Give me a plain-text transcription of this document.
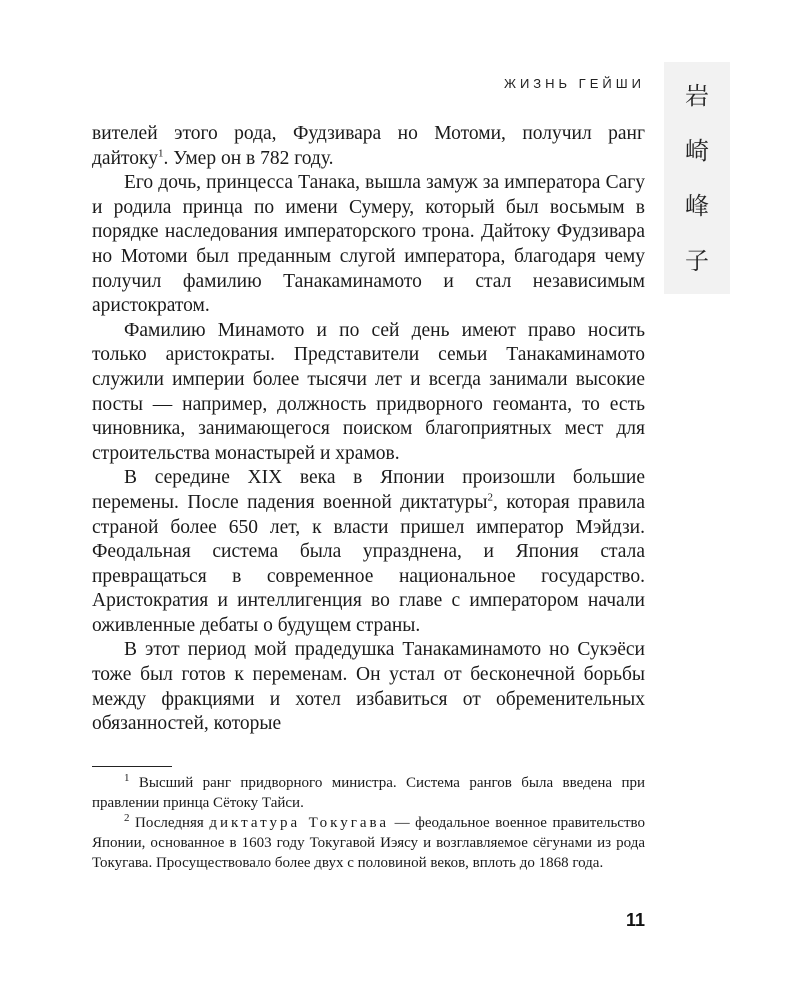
ЖИЗНЬ ГЕЙШИ 岩
崎
峰
子

вителей этого рода, Фудзивара но Мотоми, получил ранг дайтоку$^1$. Умер он в 782 году.

Его дочь, принцесса Танака, вышла замуж за императора Сагу и родила принца по имени Сумеру, который был восьмым в порядке наследования императорского трона. Дайтоку Фудзивара но Мотоми был преданным слугой императора, благодаря чему получил фамилию Танакаминамото и стал независимым аристократом.

Фамилию Минамото и по сей день имеют право носить только аристократы. Представители семьи Танакаминамото служили империи более тысячи лет и всегда занимали высокие посты — например, должность придворного геоманта, то есть чиновника, занимающегося поиском благоприятных мест для строительства монастырей и храмов.

В середине XIX века в Японии произошли большие перемены. После падения военной диктатуры$^2$, которая правила страной более 650 лет, к власти пришел император Мэйдзи. Феодальная система была упразднена, и Япония стала превращаться в современное национальное государство. Аристократия и интеллигенция во главе с императором начали оживленные дебаты о будущем страны.

В этот период мой прадедушка Танакаминамото но Сукэёси тоже был готов к переменам. Он устал от бесконечной борьбы между фракциями и хотел избавиться от обременительных обязанностей, которые

$^1$ Высший ранг придворного министра. Система рангов была введена при правлении принца Сётоку Тайси.

$^2$ Последняя диктатура Токугава — феодальное военное правительство Японии, основанное в 1603 году Токугавой Иэясу и возглавляемое сёгунами из рода Токугава. Просуществовало более двух с половиной веков, вплоть до 1868 года.

11
